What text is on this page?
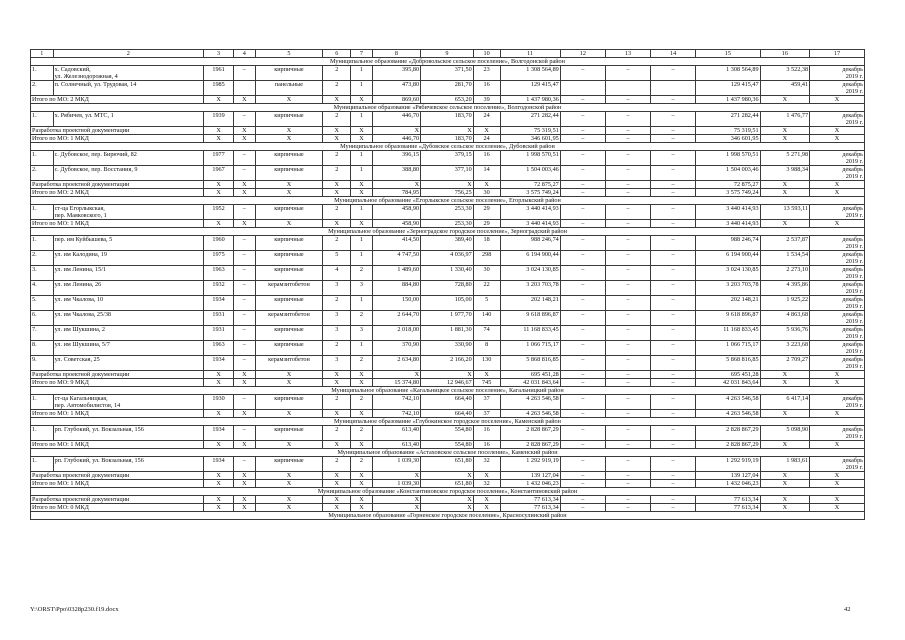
1	2	3	4	5	6	7	8	9	10	11	12	13	14	15	16	17
Муниципальное образование «Добровольское сельское поселение», Волгодонской район																
1.	х. Садовский,
ул. Железнодорожная, 4	1961	–	кирпичные	2	1	395,80	371,50	23	1 308 564,89	–	–	–	1 308 564,89	3 522,38	декабрь
2019 г.
2.	п. Солнечный, ул. Трудовая, 14	1985		панельные	2	1	473,80	281,70	16	129 415,47				129 415,47	459,41	декабрь
2019 г.
Итого по МО: 2 МКД		X	X	X	X	X	869,60	653,20	39	1 437 980,36	–	–	–	1 437 980,36	X	X
Муниципальное образование «Рябичевское сельское поселение», Волгодонской район																
1.	х. Рябичев, ул. МТС, 1	1939	–	кирпичные	2	1	446,70	183,70	24	271 282,44	–	–	–	271 282,44	1 476,77	декабрь
2019 г.
Разработка проектной документации		X	X	X	X	X	X	X	X	75 319,51	–	–	–	75 319,51	X	X
Итого по МО: 1 МКД		X	X	X	X	X	446,70	183,70	24	346 601,95	–	–	–	346 601,95	X	X
Муниципальное образование «Дубовское сельское поселение», Дубовский район																
1.	с. Дубовское, пер. Бирючий, 82	1977	–	кирпичные	2	1	396,15	379,15	16	1 998 570,51	–	–	–	1 998 570,51	5 271,98	декабрь
2019 г.
2.	с. Дубовское, пер. Восстания, 9	1967	–	кирпичные	2	1	388,80	377,10	14	1 504 003,46	–	–	–	1 504 003,46	3 988,34	декабрь
2019 г.
Разработка проектной документации		X	X	X	X	X	X	X	X	72 875,27	–	–	–	72 875,27	X	X
Итого по МО: 2 МКД		X	X	X	X	X	784,95	756,25	30	3 575 749,24	–	–	–	3 575 749,24	X	X
Муниципальное образование «Егорлыкское сельское поселение», Егорлыкский район																
1.	ст-ца Егорлыкская,
пер. Маяковского, 1	1952	–	кирпичные	2	1	458,90	253,30	29	3 440 414,93	–	–	–	3 440 414,93	13 593,11	декабрь
2019 г.
Итого по МО: 1 МКД		X	X	X	X	X	458,90	253,30	29	3 440 414,93	–	–	–	3 440 414,93	X	X
Муниципальное образование «Зерноградское городское поселение», Зерноградский район																
1.	пер. им Куйбышева, 5	1960	–	кирпичные	2	1	414,50	389,40	18	988 246,74	–	–	–	988 246,74	2 537,87	декабрь
2019 г.
2.	ул. им Калодина, 19	1975	–	кирпичные	5	1	4 747,50	4 036,97	298	6 194 900,44	–	–	–	6 194 900,44	1 534,54	декабрь
2019 г.
3.	ул. им Ленина, 15/1	1963	–	кирпичные	4	2	1 489,60	1 330,40	30	3 024 130,85	–	–	–	3 024 130,85	2 273,10	декабрь
2019 г.
4.	ул. им Ленина, 26	1932	–	керамзитобетон	3	3	884,80	728,80	22	3 203 703,78	–	–	–	3 203 703,78	4 395,86	декабрь
2019 г.
5.	ул. им Чкалова, 10	1934	–	кирпичные	2	1	150,00	105,00	5	202 148,21	–	–	–	202 148,21	1 925,22	декабрь
2019 г.
6.	ул. им Чкалова, 25/38	1931	–	керамзитобетон	3	2	2 644,70	1 977,70	140	9 618 896,87	–	–	–	9 618 896,87	4 863,68	декабрь
2019 г.
7.	ул. им Шукшина, 2	1931	–	кирпичные	3	3	2 018,00	1 881,30	74	11 168 833,45	–	–	–	11 168 833,45	5 936,76	декабрь
2019 г.
8.	ул. им Шукшина, 5/7	1963	–	кирпичные	2	1	370,90	330,90	8	1 066 715,17	–	–	–	1 066 715,17	3 223,68	декабрь
2019 г.
9.	ул. Советская, 25	1934	–	керамзитобетон	3	2	2 634,80	2 166,20	130	5 868 816,85	–	–	–	5 868 816,85	2 709,27	декабрь
2019 г.
Разработка проектной документации		X	X	X	X	X	X	X	X	695 451,28	–	–	–	695 451,28	X	X
Итого по МО: 9 МКД		X	X	X	X	X	15 374,80	12 946,67	745	42 031 843,64	–	–	–	42 031 843,64	X	X
Муниципальное образование «Кагальницкое сельское поселение», Кагальницкий район																
1.	ст-ца Кагальницкая,
пер. Автомобилистов, 14	1930	–	кирпичные	2	2	742,10	664,40	37	4 263 546,58	–	–	–	4 263 546,58	6 417,14	декабрь
2019 г.
Итого по МО: 1 МКД		X	X	X	X	X	742,10	664,40	37	4 263 546,58	–	–	–	4 263 546,58	X	X
Муниципальное образование «Глубокинское городское поселение», Каменский район																
1.	рп. Глубокий, ул. Вокзальная, 156	1934	–	кирпичные	2	2	613,40	554,80	16	2 828 867,29	–	–	–	2 828 867,29	5 098,90	декабрь
2019 г.
Итого по МО: 1 МКД		X	X	X	X	X	613,40	554,80	16	2 828 867,29	–	–	–	2 828 867,29	X	X
Муниципальное образование «Астаховское сельское поселение», Каменский район																
1.	рп. Глубокий, ул. Вокзальная, 156	1934	–	кирпичные	2	2	1 039,30	651,80	32	1 292 919,19	–	–	–	1 292 919,19	1 983,61	декабрь
2019 г.
Разработка проектной документации		X	X	X	X	X	X	X	X	139 127,04	–	–	–	139 127,04	X	X
Итого по МО: 1 МКД		X	X	X	X	X	1 039,30	651,80	32	1 432 046,23	–	–	–	1 432 046,23	X	X
Муниципальное образование «Константиновское городское поселение», Константиновский район																
Разработка проектной документации		X	X	X	X	X	X	X	X	77 613,34	–	–	–	77 613,34	X	X
Итого по МО: 0 МКД		X	X	X	X	X	X	X	X	77 613,34	–	–	–	77 613,34	X	X
Муниципальное образование «Горненское городское поселение», Красносулинский район																
Y:\ORST\Ppo\0328p230.f19.docx	42
